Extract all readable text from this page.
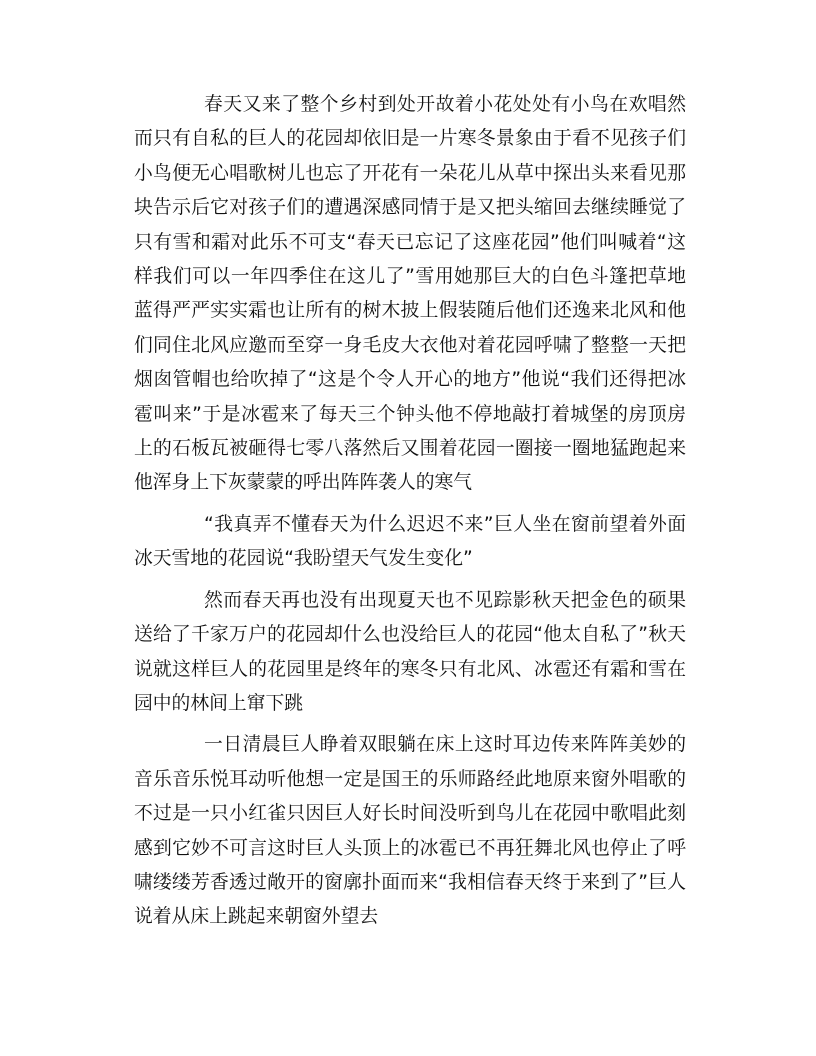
春天又来了整个乡村到处开故着小花处处有小鸟在欢唱然而只有自私的巨人的花园却依旧是一片寒冬景象由于看不见孩子们小鸟便无心唱歌树儿也忘了开花有一朵花儿从草中探出头来看见那块告示后它对孩子们的遭遇深感同情于是又把头缩回去继续睡觉了只有雪和霜对此乐不可支“春天已忘记了这座花园”他们叫喊着“这样我们可以一年四季住在这儿了”雪用她那巨大的白色斗篷把草地蓝得严严实实霜也让所有的树木披上假装随后他们还逸来北风和他们同住北风应邀而至穿一身毛皮大衣他对着花园呼啸了整整一天把烟囱管帽也给吹掉了“这是个令人开心的地方”他说“我们还得把冰雹叫来”于是冰雹来了每天三个钟头他不停地敲打着城堡的房顶房上的石板瓦被砸得七零八落然后又围着花园一圈接一圈地猛跑起来他浑身上下灰蒙蒙的呼出阵阵袭人的寒气

“我真弄不懂春天为什么迟迟不来”巨人坐在窗前望着外面冰天雪地的花园说“我盼望天气发生变化”

然而春天再也没有出现夏天也不见踪影秋天把金色的硕果送给了千家万户的花园却什么也没给巨人的花园“他太自私了”秋天说就这样巨人的花园里是终年的寒冬只有北风、冰雹还有霜和雪在园中的林间上窜下跳

一日清晨巨人睁着双眼躺在床上这时耳边传来阵阵美妙的音乐音乐悦耳动听他想一定是国王的乐师路经此地原来窗外唱歌的不过是一只小红雀只因巨人好长时间没听到鸟儿在花园中歌唱此刻感到它妙不可言这时巨人头顶上的冰雹已不再狂舞北风也停止了呼啸缕缕芳香透过敞开的窗廓扑面而来“我相信春天终于来到了”巨人说着从床上跳起来朝窗外望去
